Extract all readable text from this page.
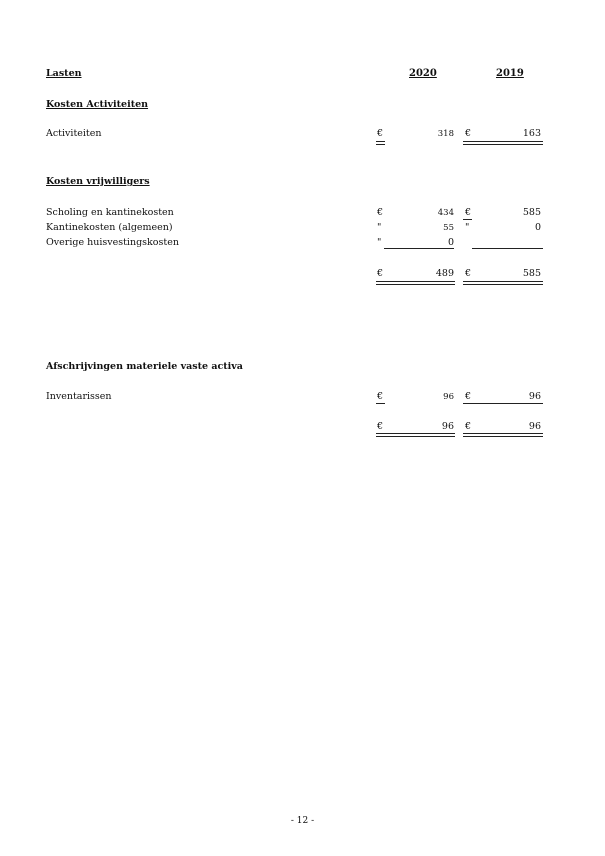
Lasten	2020	2019
Kosten Activiteiten
Activiteiten	€	318 €	163
Kosten vrijwilligers
Scholing en kantinekosten	€	434 €	585
Kantinekosten (algemeen)	"	55 "	0
Overige huisvestingskosten	"	0
€	489 €	585
Afschrijvingen materiele vaste activa
Inventarissen	€	96 €	96
€	96 €	96
- 12 -
